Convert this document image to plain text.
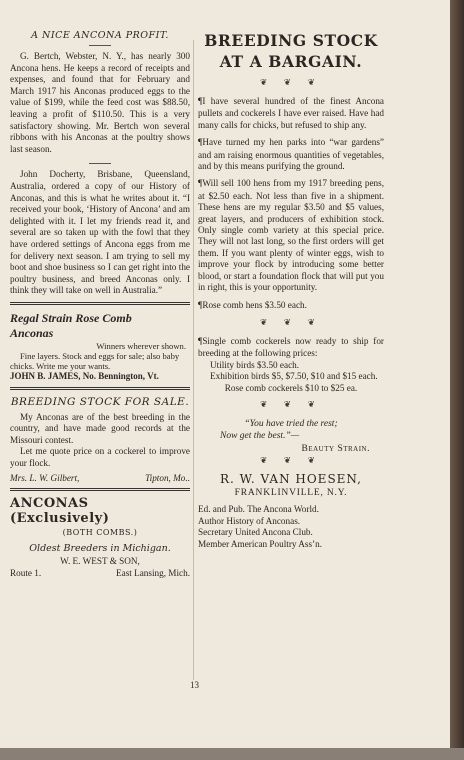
A NICE ANCONA PROFIT.

G. Bertch, Webster, N. Y., has nearly 300 Ancona hens. He keeps a record of receipts and expenses, and found that for February and March 1917 his Anconas produced eggs to the value of $199, while the feed cost was $88.50, leaving a profit of $110.50. This is a very satisfactory showing. Mr. Bertch won several ribbons with his Anconas at the poultry shows last season.

John Docherty, Brisbane, Queensland, Australia, ordered a copy of our History of Anconas, and this is what he writes about it. “I received your book, ‘History of Ancona’ and am delighted with it. I let my friends read it, and several are so taken up with the fowl that they have ordered settings of Ancona eggs from me for delivery next season. I am trying to sell my boot and shoe business so I can get right into the poultry business, and breed Anconas only. I think they will take on well in Australia.”

Regal Strain Rose Comb

Anconas

Winners wherever shown.

Fine layers. Stock and eggs for sale; also baby chicks. Write me your wants.

JOHN B. JAMES, No. Bennington, Vt.

BREEDING STOCK FOR SALE.

My Anconas are of the best breeding in the country, and have made good records at the Missouri contest.

Let me quote price on a cockerel to improve your flock.

Mrs. L. W. Gilbert,	Tipton, Mo..

ANCONAS (Exclusively)

(BOTH COMBS.)

Oldest Breeders in Michigan.

W. E. WEST & SON,

Route 1.	East Lansing, Mich.

BREEDING STOCK

AT A BARGAIN.

❦ ❦ ❦

¶I have several hundred of the finest Ancona pullets and cockerels I have ever raised. Have had many calls for chicks, but refused to ship any.

¶Have turned my hen parks into “war gardens” and am raising enormous quantities of vegetables, and by this means purifying the ground.

¶Will sell 100 hens from my 1917 breeding pens, at $2.50 each. Not less than five in a shipment. These hens are my regular $3.50 and $5 values, great layers, and producers of exhibition stock. Only single comb variety at this special price. They will not last long, so the first orders will get them. If you want plenty of winter eggs, wish to improve your flock by introducing some better blood, or start a foundation flock that will put you in right, this is your opportunity.

¶Rose comb hens $3.50 each.

❦ ❦ ❦

¶Single comb cockerels now ready to ship for breeding at the following prices:

Utility birds $3.50 each.

Exhibition birds $5, $7.50, $10 and $15 each.

Rose comb cockerels $10 to $25 ea.

❦ ❦ ❦

“You have tried the rest;

Now get the best.”—

Beauty Strain.

❦ ❦ ❦

R. W. VAN HOESEN,

FRANKLINVILLE, N.Y.

Ed. and Pub. The Ancona World.

Author History of Anconas.

Secretary United Ancona Club.

Member American Poultry Ass’n.

13
